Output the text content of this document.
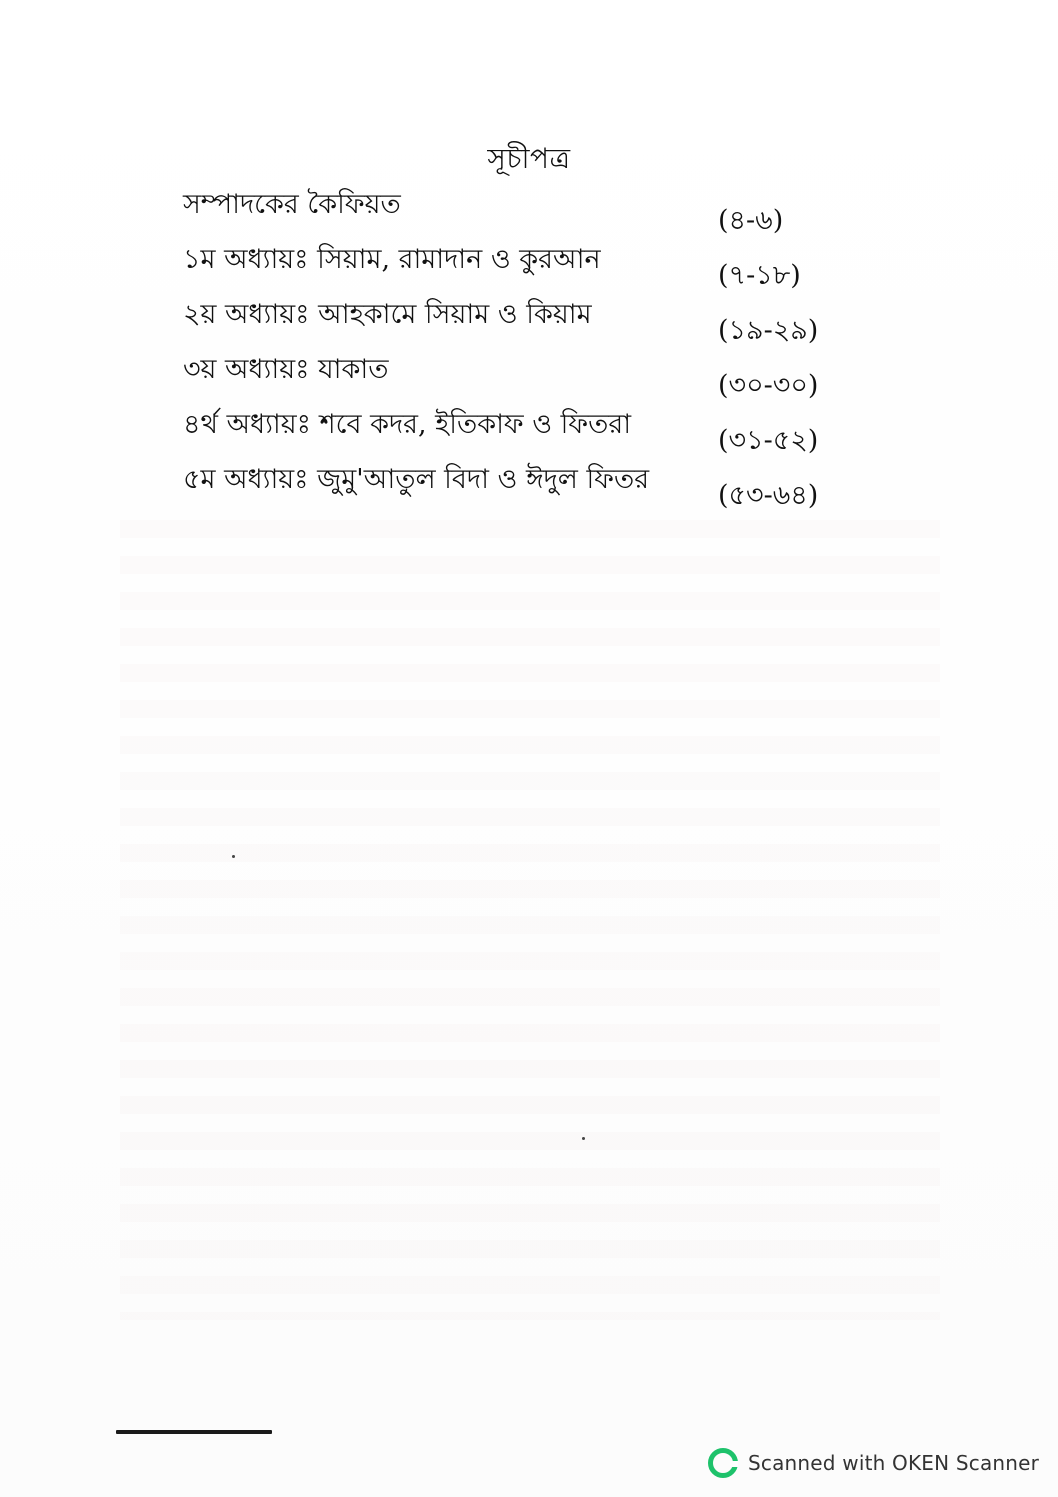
সূচীপত্র
সম্পাদকের কৈফিয়ত
(৪-৬)
১ম অধ্যায়ঃ সিয়াম, রামাদান ও কুরআন
(৭-১৮)
২য় অধ্যায়ঃ আহকামে সিয়াম ও কিয়াম
(১৯-২৯)
৩য় অধ্যায়ঃ যাকাত
(৩০-৩০)
৪র্থ অধ্যায়ঃ শবে কদর, ইতিকাফ ও ফিতরা
(৩১-৫২)
৫ম অধ্যায়ঃ জুমু'আতুল বিদা ও ঈদুল ফিতর
(৫৩-৬৪)
Scanned with OKEN Scanner
